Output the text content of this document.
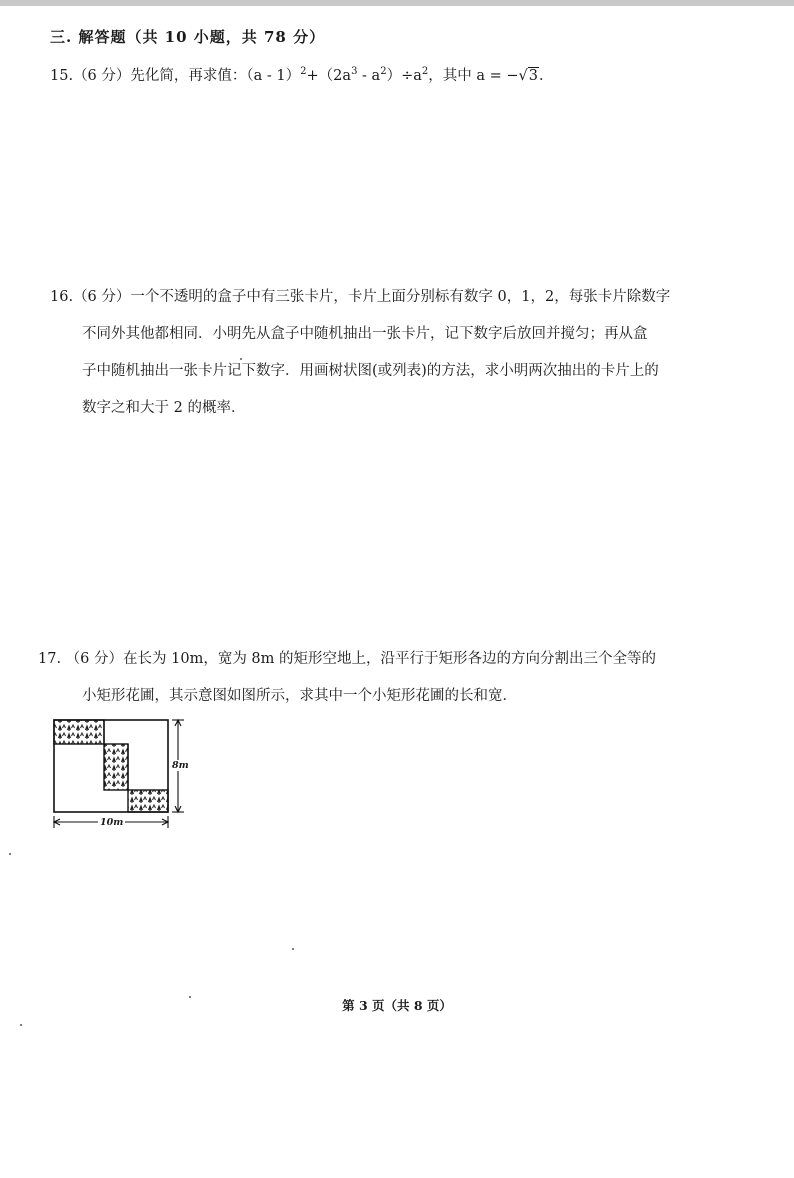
三. 解答题（共 10 小题，共 78 分）
15.（6 分）先化简，再求值：$(a - 1)^2+(2a^3 - a^2)\div a^2$，其中 a = −√3．
16.（6 分）一个不透明的盒子中有三张卡片，卡片上面分别标有数字 0，1，2，每张卡片除数字
不同外其他都相同．小明先从盒子中随机抽出一张卡片，记下数字后放回并搅匀；再从盒
子中随机抽出一张卡片记下数字．用画树状图(或列表)的方法，求小明两次抽出的卡片上的
数字之和大于 2 的概率．
17. （6 分）在长为 10m，宽为 8m 的矩形空地上，沿平行于矩形各边的方向分割出三个全等的
小矩形花圃，其示意图如图所示，求其中一个小矩形花圃的长和宽．
8m
10m
第 3 页（共 8 页）
